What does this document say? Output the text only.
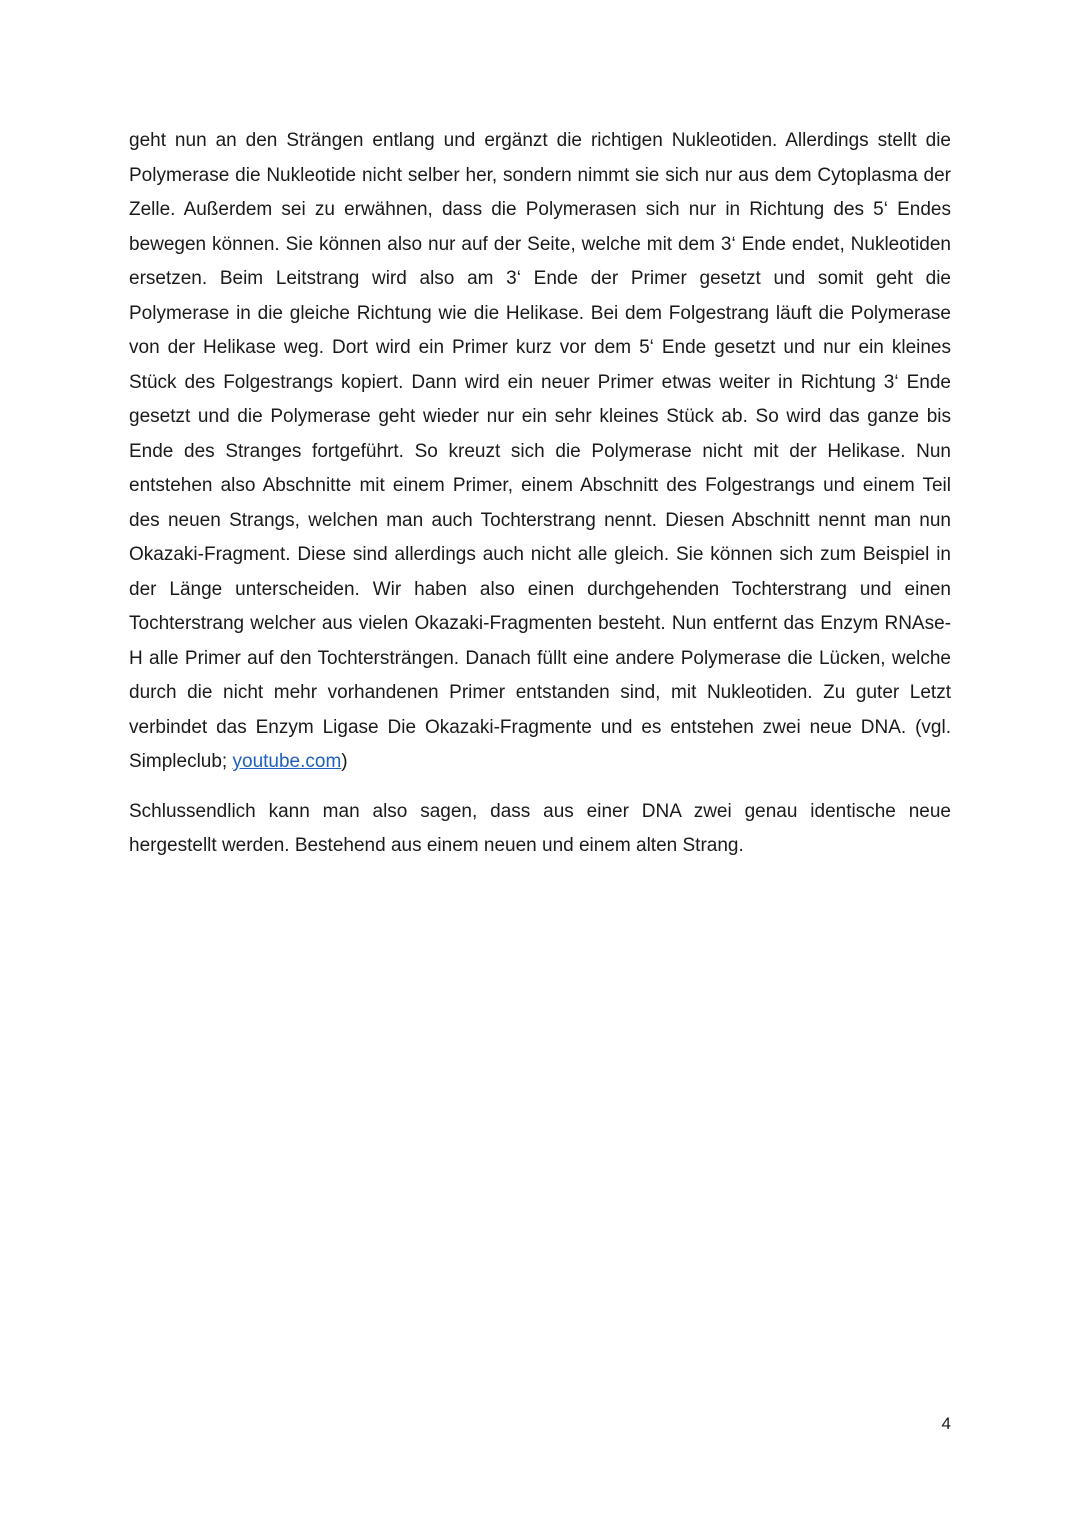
geht nun an den Strängen entlang und ergänzt die richtigen Nukleotiden. Allerdings stellt die Polymerase die Nukleotide nicht selber her, sondern nimmt sie sich nur aus dem Cytoplasma der Zelle. Außerdem sei zu erwähnen, dass die Polymerasen sich nur in Richtung des 5‘ Endes bewegen können. Sie können also nur auf der Seite, welche mit dem 3‘ Ende endet, Nukleotiden ersetzen. Beim Leitstrang wird also am 3‘ Ende der Primer gesetzt und somit geht die Polymerase in die gleiche Richtung wie die Helikase. Bei dem Folgestrang läuft die Polymerase von der Helikase weg. Dort wird ein Primer kurz vor dem 5‘ Ende gesetzt und nur ein kleines Stück des Folgestrangs kopiert. Dann wird ein neuer Primer etwas weiter in Richtung 3‘ Ende gesetzt und die Polymerase geht wieder nur ein sehr kleines Stück ab. So wird das ganze bis Ende des Stranges fortgeführt. So kreuzt sich die Polymerase nicht mit der Helikase. Nun entstehen also Abschnitte mit einem Primer, einem Abschnitt des Folgestrangs und einem Teil des neuen Strangs, welchen man auch Tochterstrang nennt. Diesen Abschnitt nennt man nun Okazaki-Fragment. Diese sind allerdings auch nicht alle gleich. Sie können sich zum Beispiel in der Länge unterscheiden. Wir haben also einen durchgehenden Tochterstrang und einen Tochterstrang welcher aus vielen Okazaki-Fragmenten besteht. Nun entfernt das Enzym RNAse-H alle Primer auf den Tochtersträngen. Danach füllt eine andere Polymerase die Lücken, welche durch die nicht mehr vorhandenen Primer entstanden sind, mit Nukleotiden. Zu guter Letzt verbindet das Enzym Ligase Die Okazaki-Fragmente und es entstehen zwei neue DNA. (vgl. Simpleclub; youtube.com)

Schlussendlich kann man also sagen, dass aus einer DNA zwei genau identische neue hergestellt werden. Bestehend aus einem neuen und einem alten Strang.

4
